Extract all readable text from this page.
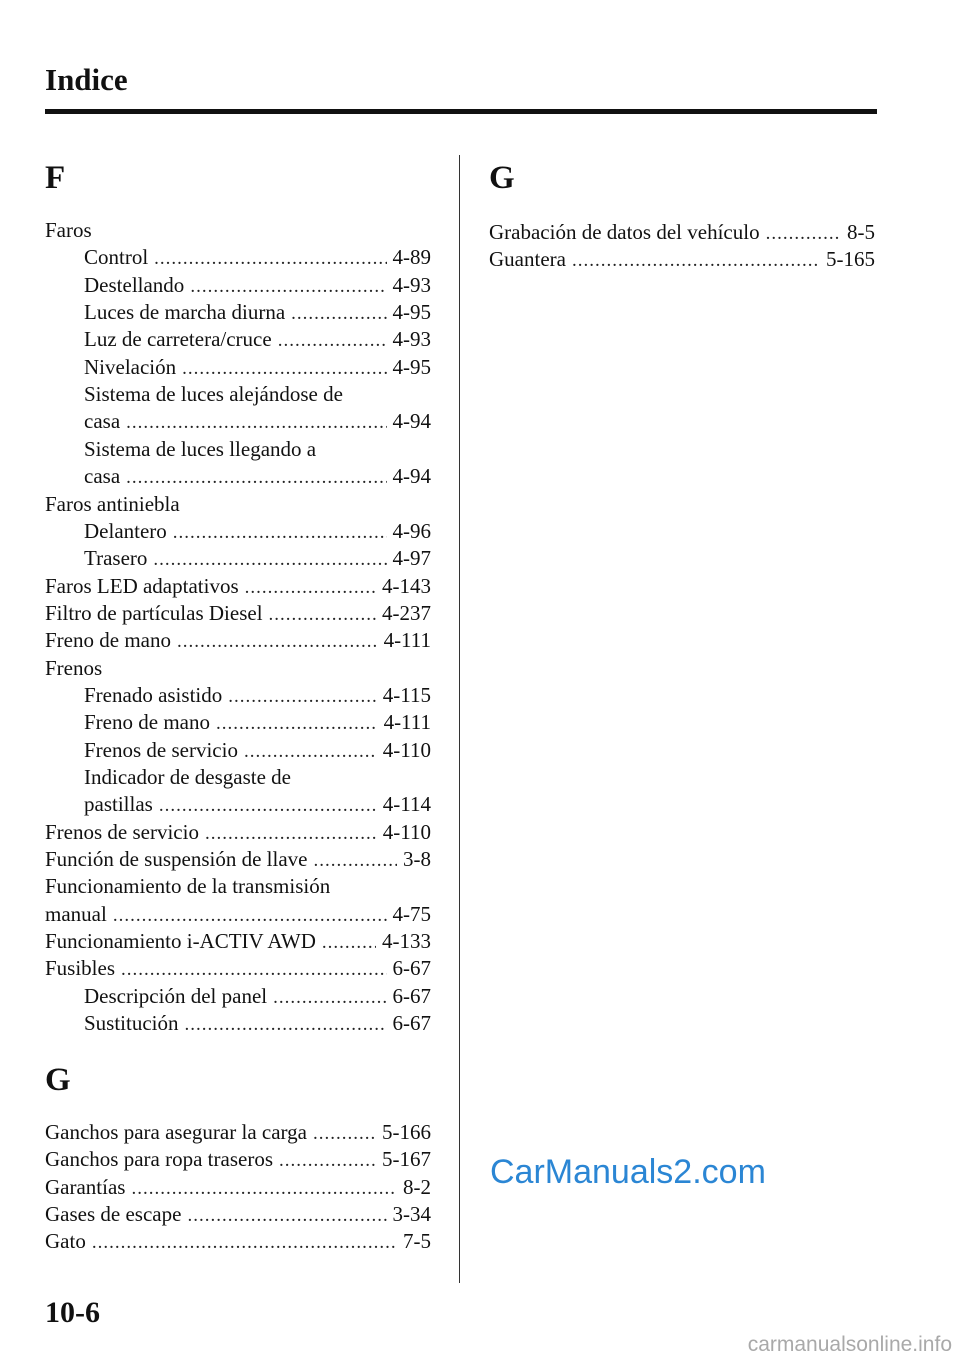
Indice
F
Faros
Control .....	4-89
Destellando .....	4-93
Luces de marcha diurna .....	4-95
Luz de carretera/cruce .....	4-93
Nivelación .....	4-95
Sistema de luces alejándose de
casa .....	4-94
Sistema de luces llegando a
casa .....	4-94
Faros antiniebla
Delantero .....	4-96
Trasero .....	4-97
Faros LED adaptativos .....	4-143
Filtro de partículas Diesel .....	4-237
Freno de mano .....	4-111
Frenos
Frenado asistido .....	4-115
Freno de mano .....	4-111
Frenos de servicio .....	4-110
Indicador de desgaste de
pastillas .....	4-114
Frenos de servicio .....	4-110
Función de suspensión de llave .....	3-8
Funcionamiento de la transmisión
manual .....	4-75
Funcionamiento i-ACTIV AWD .....	4-133
Fusibles .....	6-67
Descripción del panel .....	6-67
Sustitución .....	6-67
G
Ganchos para asegurar la carga .....	5-166
Ganchos para ropa traseros .....	5-167
Garantías .....	8-2
Gases de escape .....	3-34
Gato .....	7-5
G
Grabación de datos del vehículo .....	8-5
Guantera .....	5-165
CarManuals2.com
10-6
carmanualsonline.info
